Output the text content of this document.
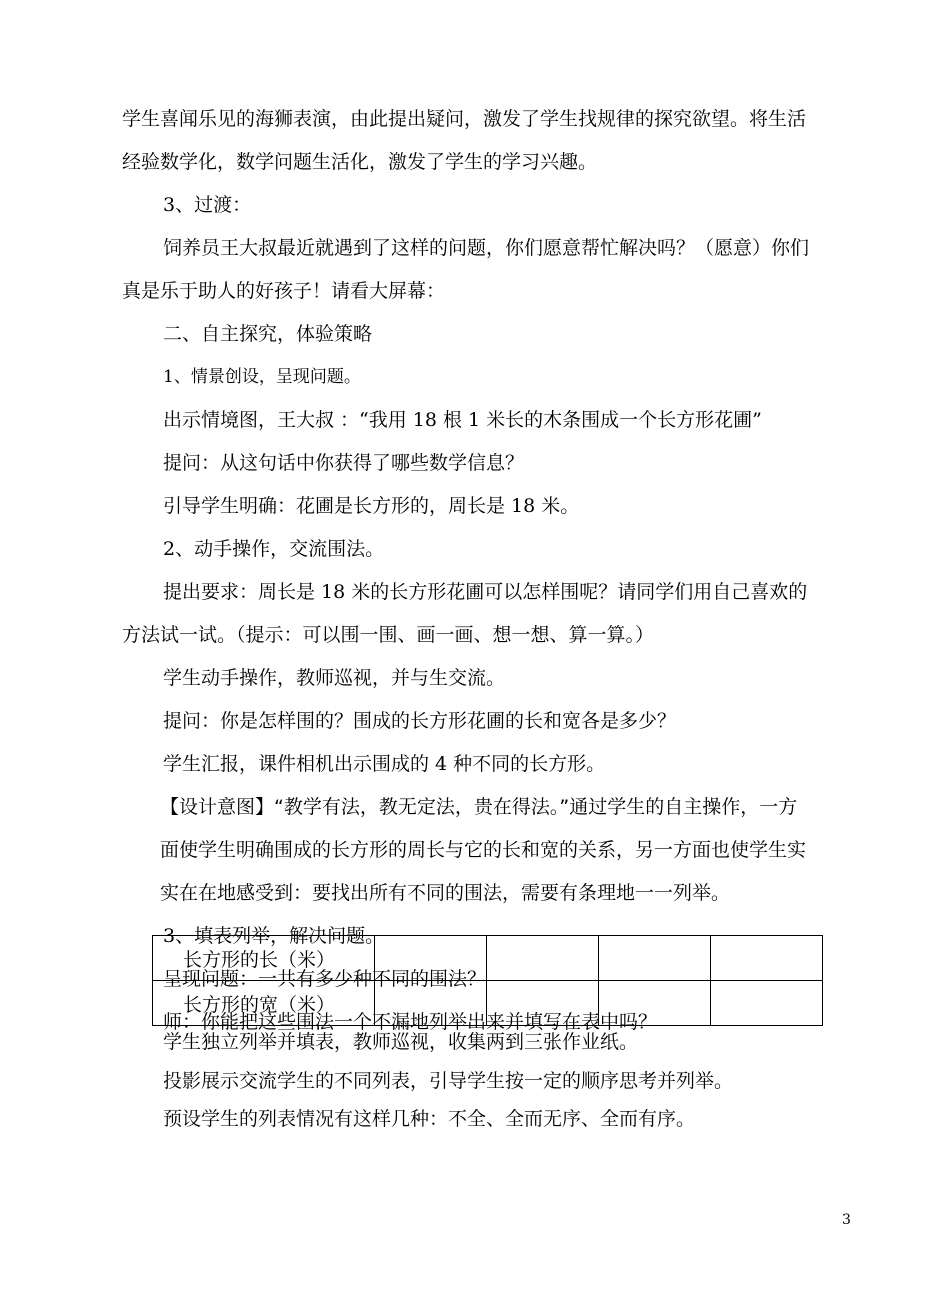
学生喜闻乐见的海狮表演，由此提出疑问，激发了学生找规律的探究欲望。将生活
经验数学化，数学问题生活化，激发了学生的学习兴趣。
3、过渡：
饲养员王大叔最近就遇到了这样的问题，你们愿意帮忙解决吗？（愿意）你们
真是乐于助人的好孩子！请看大屏幕：
二、自主探究，体验策略
1、情景创设，呈现问题。
出示情境图，王大叔 ：“我用 18 根 1 米长的木条围成一个长方形花圃”
提问：从这句话中你获得了哪些数学信息？
引导学生明确：花圃是长方形的，周长是 18 米。
2、动手操作，交流围法。
提出要求：周长是 18 米的长方形花圃可以怎样围呢？请同学们用自己喜欢的
方法试一试。（提示：可以围一围、画一画、想一想、算一算。）
学生动手操作，教师巡视，并与生交流。
提问：你是怎样围的？围成的长方形花圃的长和宽各是多少？
学生汇报，课件相机出示围成的 4 种不同的长方形。
【设计意图】“教学有法，教无定法，贵在得法。”通过学生的自主操作，一方
面使学生明确围成的长方形的周长与它的长和宽的关系，另一方面也使学生实
实在在地感受到：要找出所有不同的围法，需要有条理地一一列举。
3、填表列举，解决问题。
呈现问题：一共有多少种不同的围法？
师：你能把这些围法一个不漏地列举出来并填写在表中吗？
长方形的长（米）				
长方形的宽（米）				
学生独立列举并填表，教师巡视，收集两到三张作业纸。
投影展示交流学生的不同列表，引导学生按一定的顺序思考并列举。
预设学生的列表情况有这样几种：不全、全而无序、全而有序。
3
